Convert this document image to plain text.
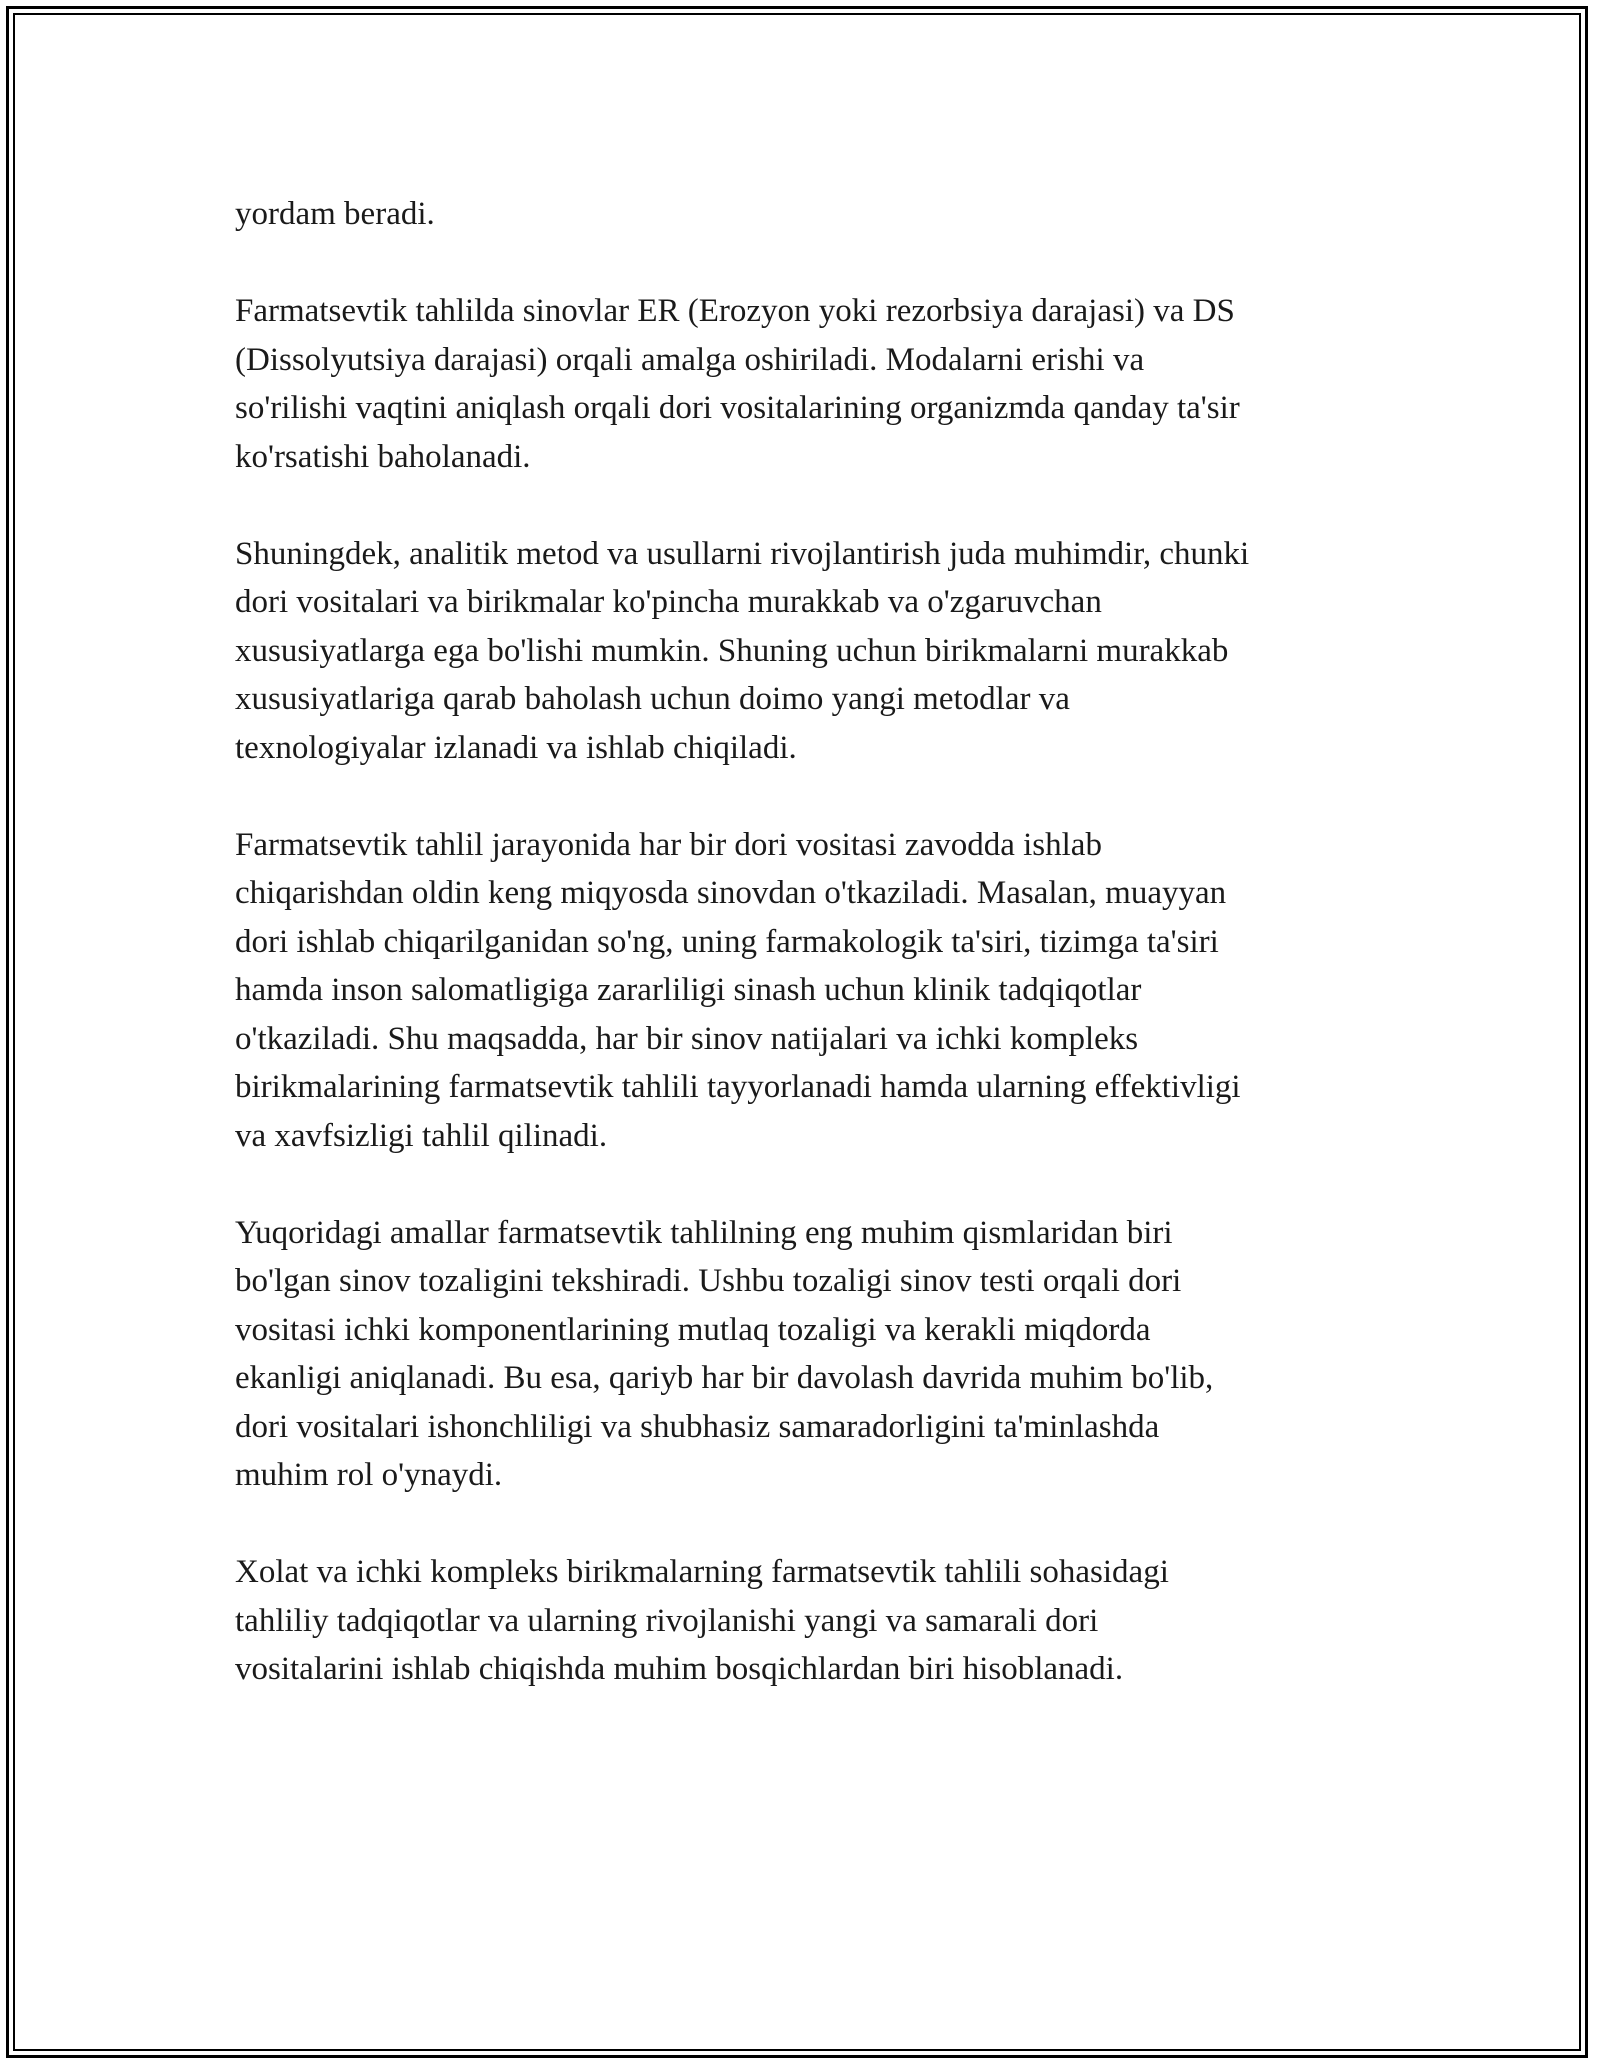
yordam beradi.

Farmatsevtik tahlilda sinovlar ER (Erozyon yoki rezorbsiya darajasi) va DS
(Dissolyutsiya darajasi) orqali amalga oshiriladi. Modalarni erishi va
so'rilishi vaqtini aniqlash orqali dori vositalarining organizmda qanday ta'sir
ko'rsatishi baholanadi.

Shuningdek, analitik metod va usullarni rivojlantirish juda muhimdir, chunki
dori vositalari va birikmalar ko'pincha murakkab va o'zgaruvchan
xususiyatlarga ega bo'lishi mumkin. Shuning uchun birikmalarni murakkab
xususiyatlariga qarab baholash uchun doimo yangi metodlar va
texnologiyalar izlanadi va ishlab chiqiladi.

Farmatsevtik tahlil jarayonida har bir dori vositasi zavodda ishlab
chiqarishdan oldin keng miqyosda sinovdan o'tkaziladi. Masalan, muayyan
dori ishlab chiqarilganidan so'ng, uning farmakologik ta'siri, tizimga ta'siri
hamda inson salomatligiga zararliligi sinash uchun klinik tadqiqotlar
o'tkaziladi. Shu maqsadda, har bir sinov natijalari va ichki kompleks
birikmalarining farmatsevtik tahlili tayyorlanadi hamda ularning effektivligi
va xavfsizligi tahlil qilinadi.

Yuqoridagi amallar farmatsevtik tahlilning eng muhim qismlaridan biri
bo'lgan sinov tozaligini tekshiradi. Ushbu tozaligi sinov testi orqali dori
vositasi ichki komponentlarining mutlaq tozaligi va kerakli miqdorda
ekanligi aniqlanadi. Bu esa, qariyb har bir davolash davrida muhim bo'lib,
dori vositalari ishonchliligi va shubhasiz samaradorligini ta'minlashda
muhim rol o'ynaydi.

Xolat va ichki kompleks birikmalarning farmatsevtik tahlili sohasidagi
tahliliy tadqiqotlar va ularning rivojlanishi yangi va samarali dori
vositalarini ishlab chiqishda muhim bosqichlardan biri hisoblanadi.
